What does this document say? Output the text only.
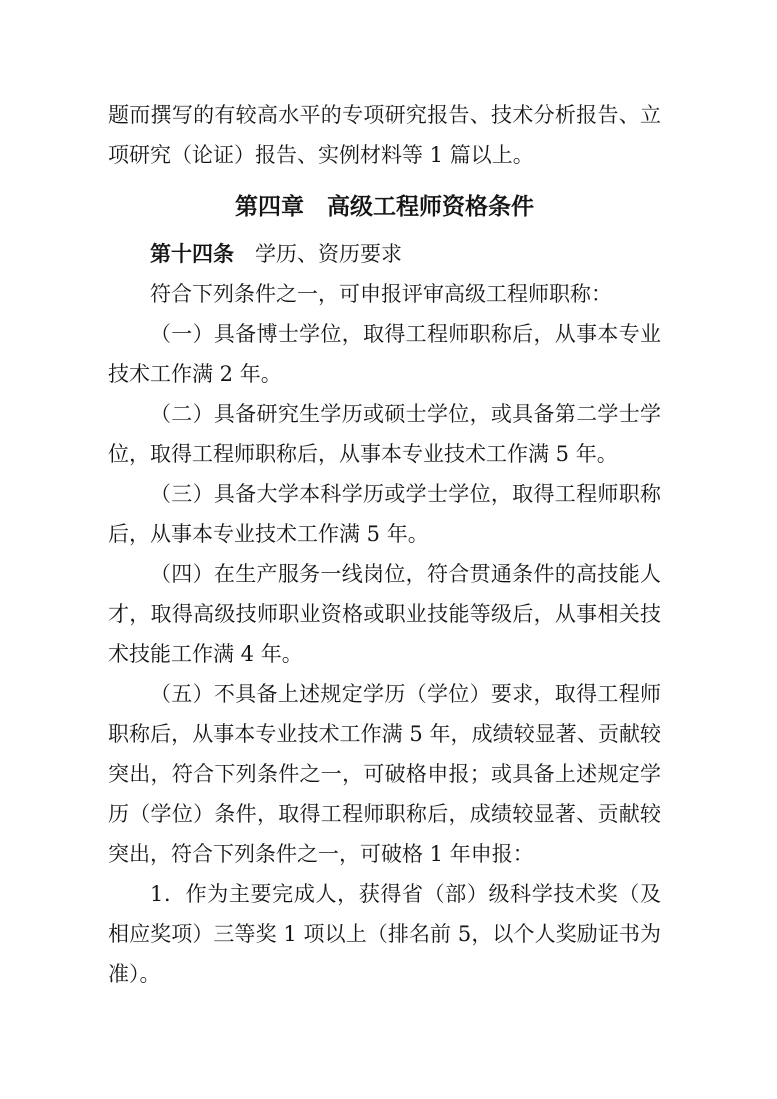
题而撰写的有较高水平的专项研究报告、技术分析报告、立
项研究（论证）报告、实例材料等 1 篇以上。
第四章　高级工程师资格条件
第十四条 学历、资历要求
符合下列条件之一，可申报评审高级工程师职称：
（一）具备博士学位，取得工程师职称后，从事本专业
技术工作满 2 年。
（二）具备研究生学历或硕士学位，或具备第二学士学
位，取得工程师职称后，从事本专业技术工作满 5 年。
（三）具备大学本科学历或学士学位，取得工程师职称
后，从事本专业技术工作满 5 年。
（四）在生产服务一线岗位，符合贯通条件的高技能人
才，取得高级技师职业资格或职业技能等级后，从事相关技
术技能工作满 4 年。
（五）不具备上述规定学历（学位）要求，取得工程师
职称后，从事本专业技术工作满 5 年，成绩较显著、贡献较
突出，符合下列条件之一，可破格申报；或具备上述规定学
历（学位）条件，取得工程师职称后，成绩较显著、贡献较
突出，符合下列条件之一，可破格 1 年申报：
1．作为主要完成人，获得省（部）级科学技术奖（及
相应奖项）三等奖 1 项以上（排名前 5，以个人奖励证书为
准）。
